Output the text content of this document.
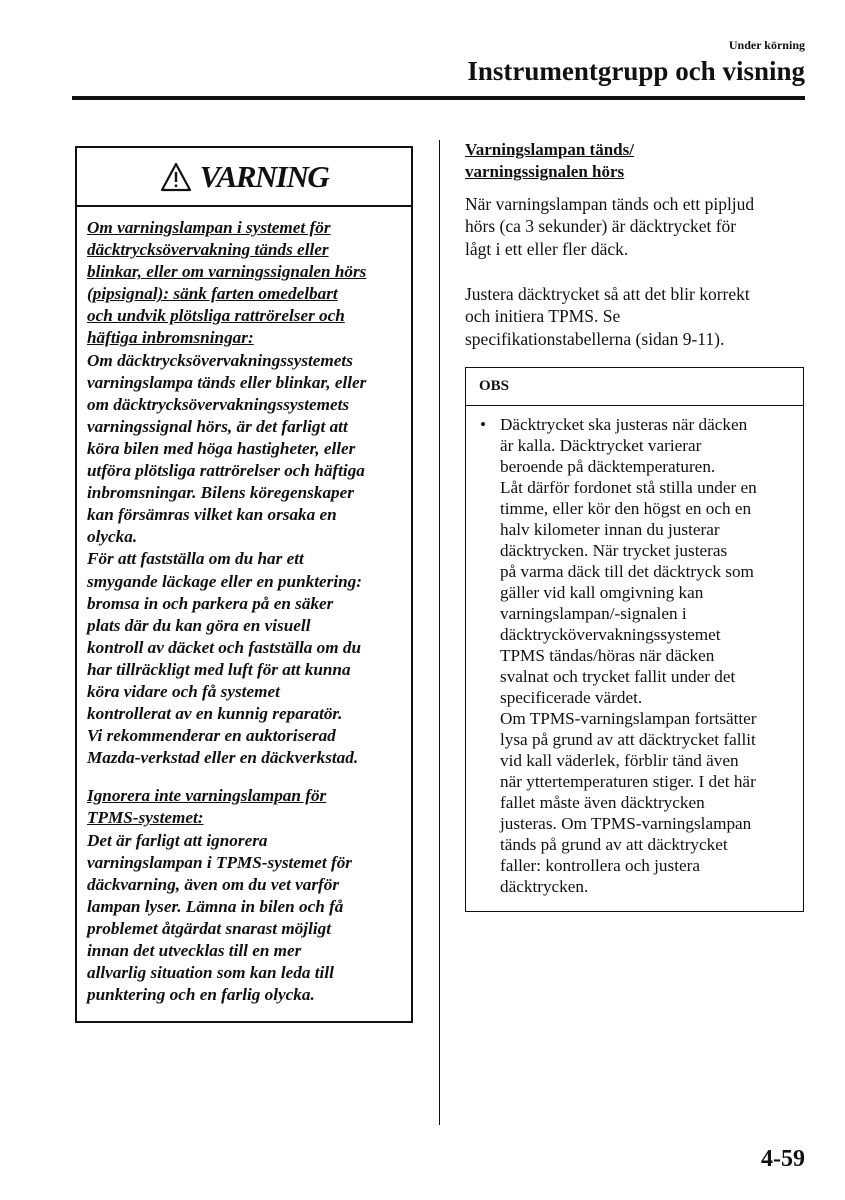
Under körning
Instrumentgrupp och visning
VARNING
Om varningslampan i systemet för
däcktrycksövervakning tänds eller
blinkar, eller om varningssignalen hörs
(pipsignal): sänk farten omedelbart
och undvik plötsliga rattrörelser och
häftiga inbromsningar:
Om däcktrycksövervakningssystemets
varningslampa tänds eller blinkar, eller
om däcktrycksövervakningssystemets
varningssignal hörs, är det farligt att
köra bilen med höga hastigheter, eller
utföra plötsliga rattrörelser och häftiga
inbromsningar. Bilens köregenskaper
kan försämras vilket kan orsaka en
olycka.
För att fastställa om du har ett
smygande läckage eller en punktering:
bromsa in och parkera på en säker
plats där du kan göra en visuell
kontroll av däcket och fastställa om du
har tillräckligt med luft för att kunna
köra vidare och få systemet
kontrollerat av en kunnig reparatör.
Vi rekommenderar en auktoriserad
Mazda-verkstad eller en däckverkstad.
Ignorera inte varningslampan för
TPMS-systemet:
Det är farligt att ignorera
varningslampan i TPMS-systemet för
däckvarning, även om du vet varför
lampan lyser. Lämna in bilen och få
problemet åtgärdat snarast möjligt
innan det utvecklas till en mer
allvarlig situation som kan leda till
punktering och en farlig olycka.
Varningslampan tänds/
varningssignalen hörs
När varningslampan tänds och ett pipljud
hörs (ca 3 sekunder) är däcktrycket för
lågt i ett eller fler däck.
Justera däcktrycket så att det blir korrekt
och initiera TPMS. Se
specifikationstabellerna (sidan 9-11).
OBS
• Däcktrycket ska justeras när däcken
är kalla. Däcktrycket varierar
beroende på däcktemperaturen.
Låt därför fordonet stå stilla under en
timme, eller kör den högst en och en
halv kilometer innan du justerar
däcktrycken. När trycket justeras
på varma däck till det däcktryck som
gäller vid kall omgivning kan
varningslampan/-signalen i
däcktryckövervakningssystemet
TPMS tändas/höras när däcken
svalnat och trycket fallit under det
specificerade värdet.
Om TPMS-varningslampan fortsätter
lysa på grund av att däcktrycket fallit
vid kall väderlek, förblir tänd även
när yttertemperaturen stiger. I det här
fallet måste även däcktrycken
justeras. Om TPMS-varningslampan
tänds på grund av att däcktrycket
faller: kontrollera och justera
däcktrycken.
4-59
